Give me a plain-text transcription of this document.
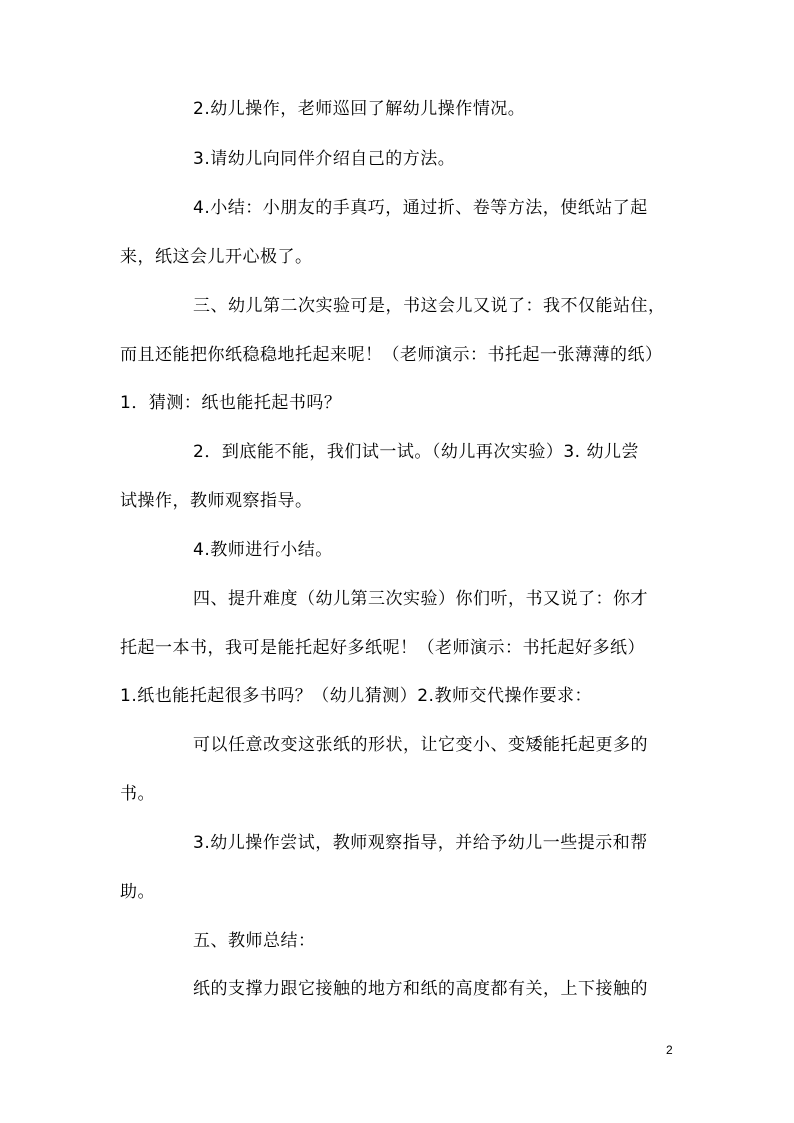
2.幼儿操作，老师巡回了解幼儿操作情况。
3.请幼儿向同伴介绍自己的方法。
4.小结：小朋友的手真巧，通过折、卷等方法，使纸站了起
来，纸这会儿开心极了。
三、幼儿第二次实验可是，书这会儿又说了：我不仅能站住，
而且还能把你纸稳稳地托起来呢！（老师演示：书托起一张薄薄的纸）
1．猜测：纸也能托起书吗？
2．到底能不能，我们试一试。（幼儿再次实验）3. 幼儿尝
试操作，教师观察指导。
4.教师进行小结。
四、提升难度（幼儿第三次实验）你们听，书又说了：你才
托起一本书，我可是能托起好多纸呢！（老师演示：书托起好多纸）
1.纸也能托起很多书吗？（幼儿猜测）2.教师交代操作要求：
可以任意改变这张纸的形状，让它变小、变矮能托起更多的
书。
3.幼儿操作尝试，教师观察指导，并给予幼儿一些提示和帮
助。
五、教师总结：
纸的支撑力跟它接触的地方和纸的高度都有关，上下接触的
2
